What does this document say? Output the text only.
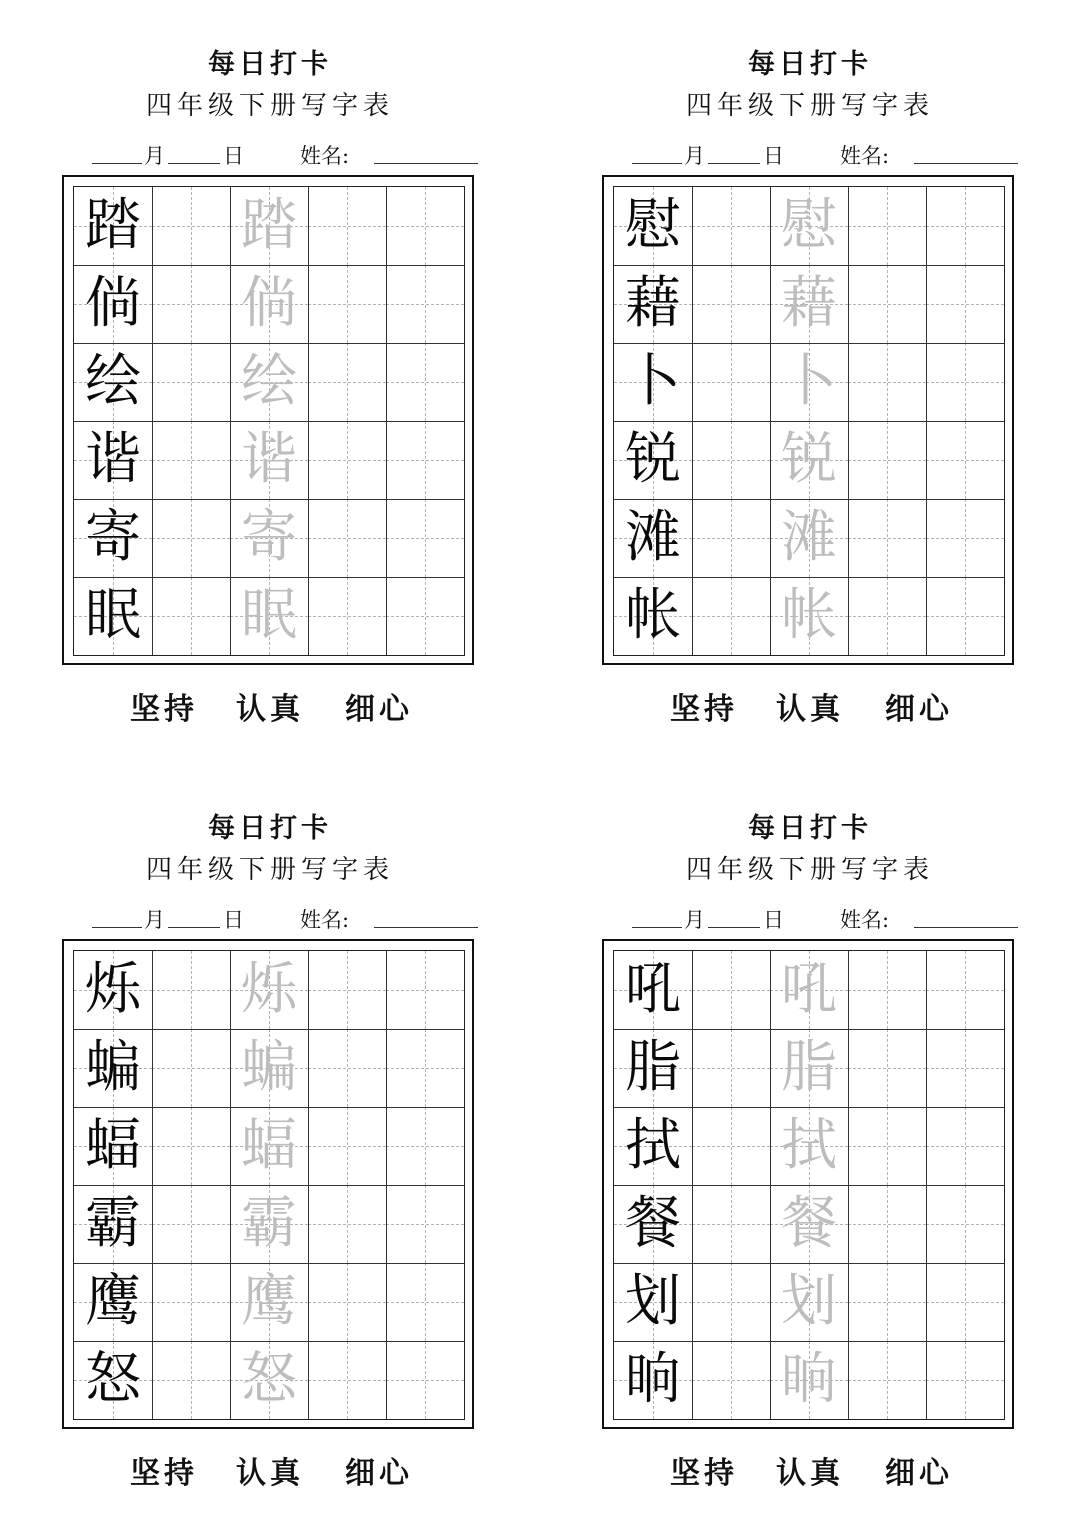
每日打卡
四年级下册写字表
月	日	姓名:
踏 踏
倘 倘
绘 绘
谐 谐
寄 寄
眠 眠
坚持 认真 细心
每日打卡
四年级下册写字表
月	日	姓名:
慰 慰
藉 藉
卜 卜
锐 锐
滩 滩
帐 帐
坚持 认真 细心
每日打卡
四年级下册写字表
月	日	姓名:
烁 烁
蝙 蝙
蝠 蝠
霸 霸
鹰 鹰
怒 怒
坚持 认真 细心
每日打卡
四年级下册写字表
月	日	姓名:
吼 吼
脂 脂
拭 拭
餐 餐
划 划
晌 晌
坚持 认真 细心
